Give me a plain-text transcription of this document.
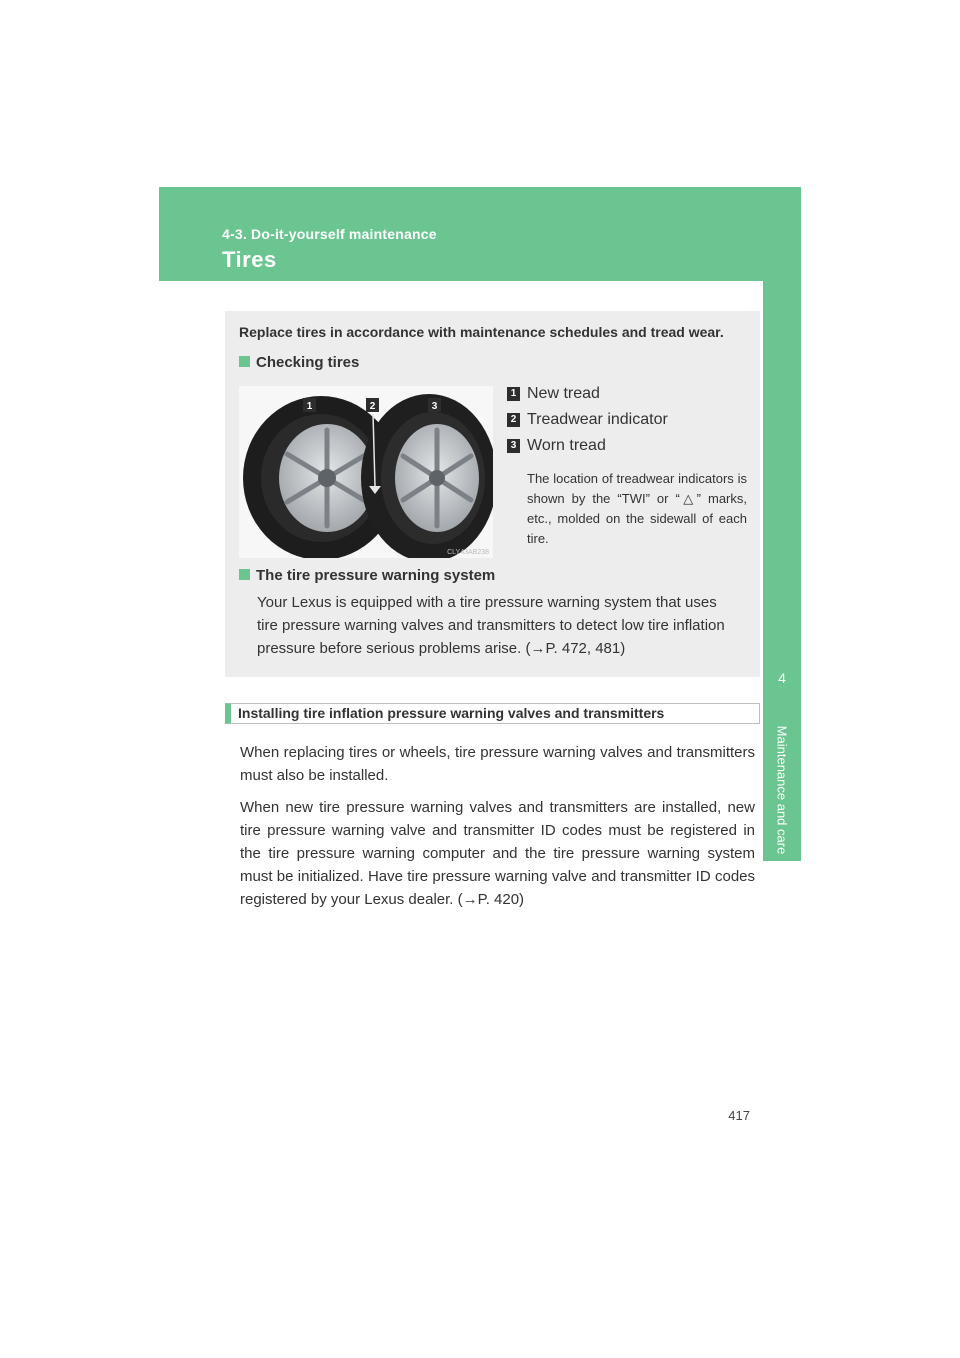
4-3. Do-it-yourself maintenance
Tires
4
Maintenance and care
Replace tires in accordance with maintenance schedules and tread wear.
Checking tires
1	2	3
CLY43AB238
1 New tread
2 Treadwear indicator
3 Worn tread
The location of treadwear indicators is shown by the “TWI” or “△” marks, etc., molded on the sidewall of each tire.
The tire pressure warning system
Your Lexus is equipped with a tire pressure warning system that uses tire pressure warning valves and transmitters to detect low tire inflation pressure before serious problems arise. (→P. 472, 481)
Installing tire inflation pressure warning valves and transmitters
When replacing tires or wheels, tire pressure warning valves and transmitters must also be installed.
When new tire pressure warning valves and transmitters are installed, new tire pressure warning valve and transmitter ID codes must be registered in the tire pressure warning computer and the tire pressure warning system must be initialized. Have tire pressure warning valve and transmitter ID codes registered by your Lexus dealer. (→P. 420)
417
